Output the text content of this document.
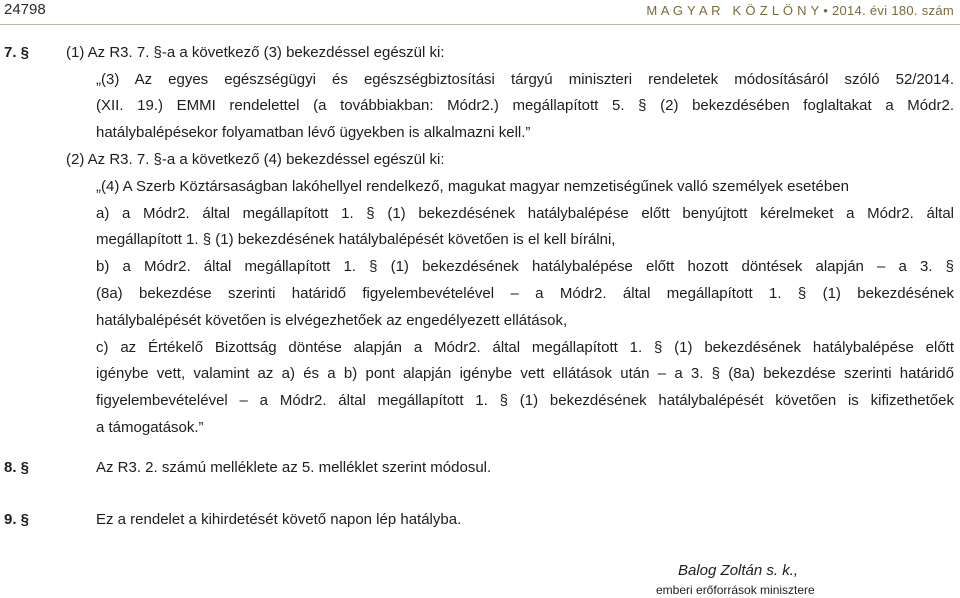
24798	M A G Y A R   K Ö Z L Ö N Y • 2014. évi 180. szám
7. § (1) Az R3. 7. §-a a következő (3) bekezdéssel egészül ki:
„(3) Az egyes egészségügyi és egészségbiztosítási tárgyú miniszteri rendeletek módosításáról szóló 52/2014.
(XII. 19.) EMMI rendelettel (a továbbiakban: Módr2.) megállapított 5. § (2) bekezdésében foglaltakat a Módr2.
hatálybalépésekor folyamatban lévő ügyekben is alkalmazni kell.”
(2) Az R3. 7. §-a a következő (4) bekezdéssel egészül ki:
„(4) A Szerb Köztársaságban lakóhellyel rendelkező, magukat magyar nemzetiségűnek valló személyek esetében
a) a Módr2. által megállapított 1. § (1) bekezdésének hatálybalépése előtt benyújtott kérelmeket a Módr2. által
megállapított 1. § (1) bekezdésének hatálybalépését követően is el kell bírálni,
b) a Módr2. által megállapított 1. § (1) bekezdésének hatálybalépése előtt hozott döntések alapján – a 3. §
(8a) bekezdése szerinti határidő figyelembevételével – a Módr2. által megállapított 1. § (1) bekezdésének
hatálybalépését követően is elvégezhetőek az engedélyezett ellátások,
c) az Értékelő Bizottság döntése alapján a Módr2. által megállapított 1. § (1) bekezdésének hatálybalépése előtt
igénybe vett, valamint az a) és a b) pont alapján igénybe vett ellátások után – a 3. § (8a) bekezdése szerinti határidő
figyelembevételével – a Módr2. által megállapított 1. § (1) bekezdésének hatálybalépését követően is kifizethetőek
a támogatások.”
8. §	Az R3. 2. számú melléklete az 5. melléklet szerint módosul.
9. §	Ez a rendelet a kihirdetését követő napon lép hatályba.
Balog Zoltán s. k.,
emberi erőforrások minisztere
